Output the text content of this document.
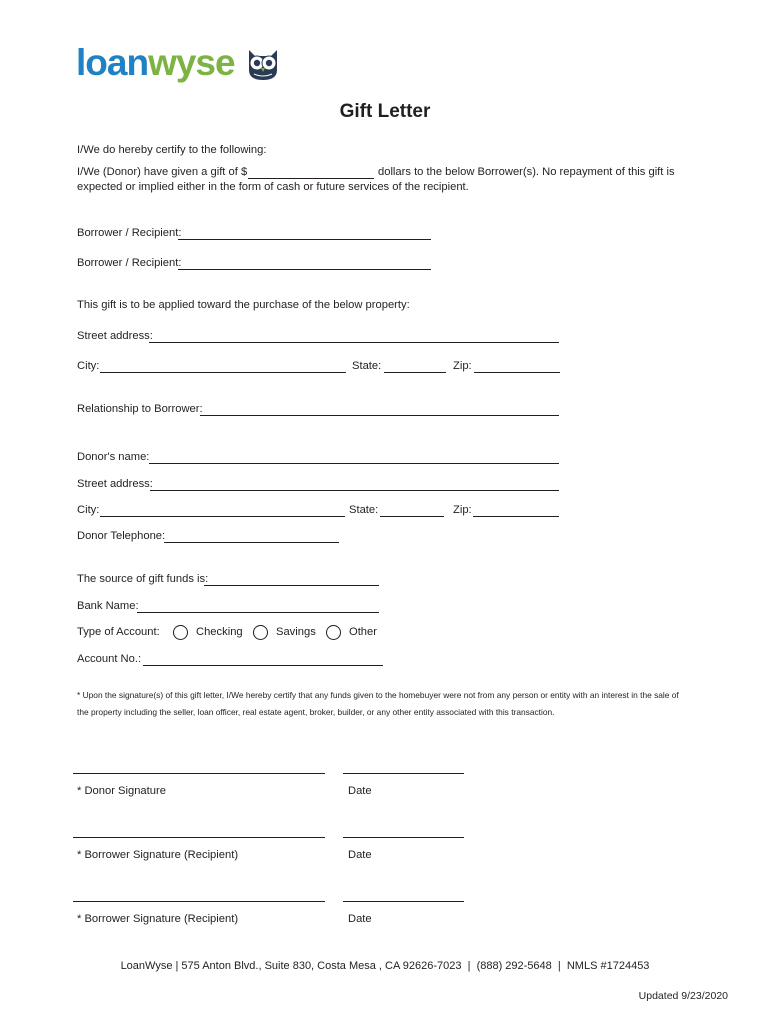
loanwyse
Gift Letter
I/We do hereby certify to the following:
I/We (Donor) have given a gift of $	dollars to the below Borrower(s). No repayment of this gift is
expected or implied either in the form of cash or future services of the recipient.
Borrower / Recipient:
Borrower / Recipient:
This gift is to be applied toward the purchase of the below property:
Street address:
City:	State:	Zip:
Relationship to Borrower:
Donor's name:
Street address:
City:	State:	Zip:
Donor Telephone:
The source of gift funds is:
Bank Name:
Type of Account:	Checking	Savings	Other
Account No.:
* Upon the signature(s) of this gift letter, I/We hereby certify that any funds given to the homebuyer were not from any person or entity with an interest in the sale of
the property including the seller, loan officer, real estate agent, broker, builder, or any other entity associated with this transaction.
* Donor Signature	Date
* Borrower Signature (Recipient)	Date
* Borrower Signature (Recipient)	Date
LoanWyse | 575 Anton Blvd., Suite 830, Costa Mesa , CA 92626-7023  |  (888) 292-5648  |  NMLS #1724453
Updated 9/23/2020
